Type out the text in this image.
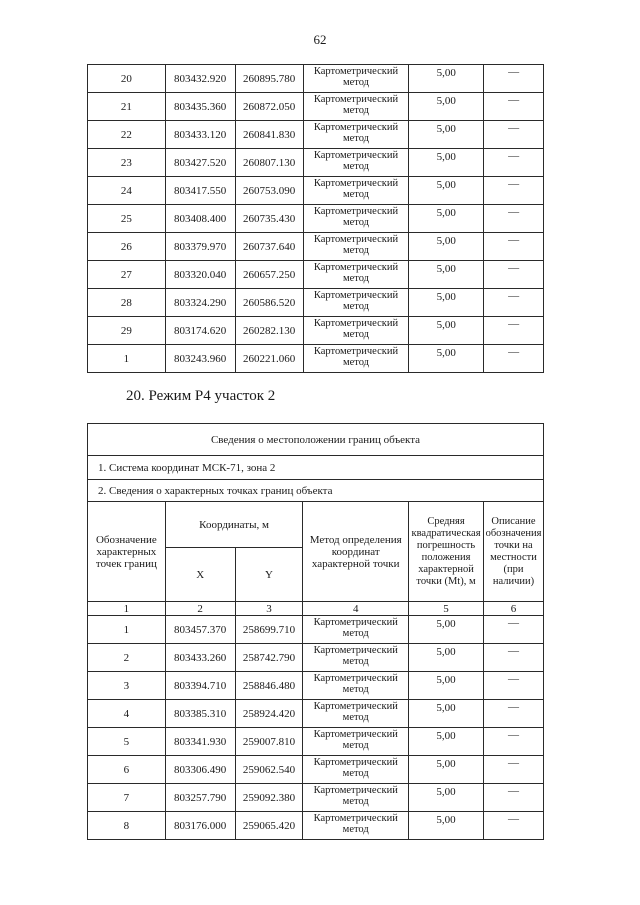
62
20	803432.920	260895.780	Картометрический метод	5,00	—
21	803435.360	260872.050	Картометрический метод	5,00	—
22	803433.120	260841.830	Картометрический метод	5,00	—
23	803427.520	260807.130	Картометрический метод	5,00	—
24	803417.550	260753.090	Картометрический метод	5,00	—
25	803408.400	260735.430	Картометрический метод	5,00	—
26	803379.970	260737.640	Картометрический метод	5,00	—
27	803320.040	260657.250	Картометрический метод	5,00	—
28	803324.290	260586.520	Картометрический метод	5,00	—
29	803174.620	260282.130	Картометрический метод	5,00	—
1	803243.960	260221.060	Картометрический метод	5,00	—
20. Режим Р4 участок 2
Сведения о местоположении границ объекта					
1. Система координат МСК-71, зона 2					
2. Сведения о характерных точках границ объекта					
Обозначение характерных точек границ	Координаты, м		Метод определения координат характерной точки	Средняя квадратическая погрешность положения характерной точки (Mt), м	Описание обозначения точки на местности (при наличии)
	X	Y			
1	2	3	4	5	6
1	803457.370	258699.710	Картометрический метод	5,00	—
2	803433.260	258742.790	Картометрический метод	5,00	—
3	803394.710	258846.480	Картометрический метод	5,00	—
4	803385.310	258924.420	Картометрический метод	5,00	—
5	803341.930	259007.810	Картометрический метод	5,00	—
6	803306.490	259062.540	Картометрический метод	5,00	—
7	803257.790	259092.380	Картометрический метод	5,00	—
8	803176.000	259065.420	Картометрический метод	5,00	—
